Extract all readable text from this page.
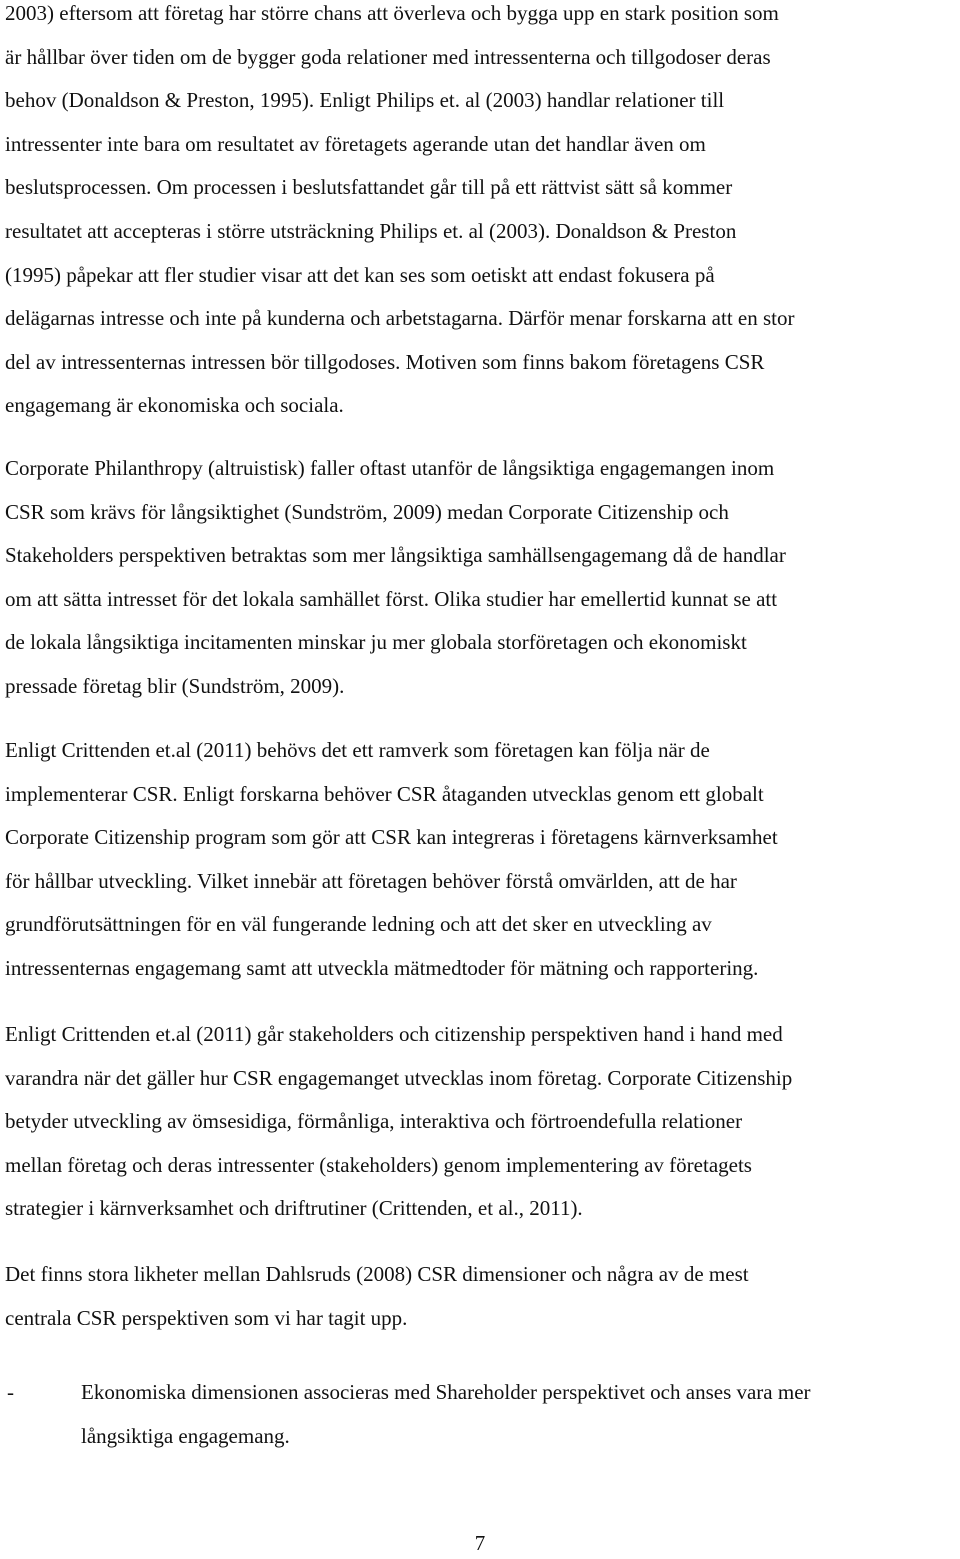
2003) eftersom att företag har större chans att överleva och bygga upp en stark position som
är hållbar över tiden om de bygger goda relationer med intressenterna och tillgodoser deras
behov (Donaldson & Preston, 1995). Enligt Philips et. al (2003) handlar relationer till
intressenter inte bara om resultatet av företagets agerande utan det handlar även om
beslutsprocessen. Om processen i beslutsfattandet går till på ett rättvist sätt så kommer
resultatet att accepteras i större utsträckning Philips et. al (2003). Donaldson & Preston
(1995) påpekar att fler studier visar att det kan ses som oetiskt att endast fokusera på
delägarnas intresse och inte på kunderna och arbetstagarna. Därför menar forskarna att en stor
del av intressenternas intressen bör tillgodoses. Motiven som finns bakom företagens CSR
engagemang är ekonomiska och sociala.

Corporate Philanthropy (altruistisk) faller oftast utanför de långsiktiga engagemangen inom
CSR som krävs för långsiktighet (Sundström, 2009) medan Corporate Citizenship och
Stakeholders perspektiven betraktas som mer långsiktiga samhällsengagemang då de handlar
om att sätta intresset för det lokala samhället först. Olika studier har emellertid kunnat se att
de lokala långsiktiga incitamenten minskar ju mer globala storföretagen och ekonomiskt
pressade företag blir (Sundström, 2009).

Enligt Crittenden et.al (2011) behövs det ett ramverk som företagen kan följa när de
implementerar CSR. Enligt forskarna behöver CSR åtaganden utvecklas genom ett globalt
Corporate Citizenship program som gör att CSR kan integreras i företagens kärnverksamhet
för hållbar utveckling. Vilket innebär att företagen behöver förstå omvärlden, att de har
grundförutsättningen för en väl fungerande ledning och att det sker en utveckling av
intressenternas engagemang samt att utveckla mätmedtoder för mätning och rapportering.

Enligt Crittenden et.al (2011) går stakeholders och citizenship perspektiven hand i hand med
varandra när det gäller hur CSR engagemanget utvecklas inom företag. Corporate Citizenship
betyder utveckling av ömsesidiga, förmånliga, interaktiva och förtroendefulla relationer
mellan företag och deras intressenter (stakeholders) genom implementering av företagets
strategier i kärnverksamhet och driftrutiner (Crittenden, et al., 2011).

Det finns stora likheter mellan Dahlsruds (2008) CSR dimensioner och några av de mest
centrala CSR perspektiven som vi har tagit upp.

-	Ekonomiska dimensionen associeras med Shareholder perspektivet och anses vara mer
långsiktiga engagemang.
7
